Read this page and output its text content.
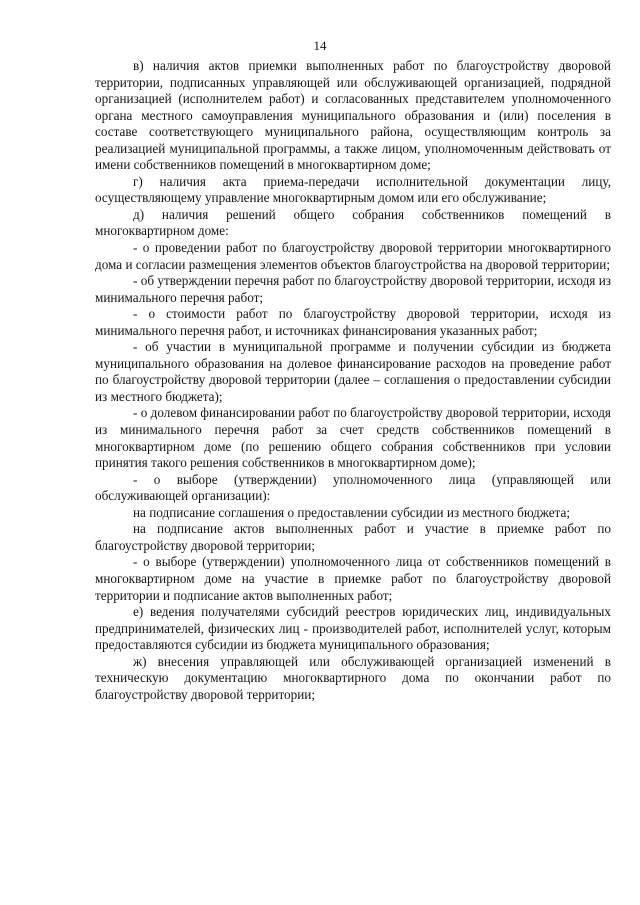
14

в) наличия актов приемки выполненных работ по благоустройству дворовой территории, подписанных управляющей или обслуживающей организацией, подрядной организацией (исполнителем работ) и согласованных представителем уполномоченного органа местного самоуправления муниципального образования и (или) поселения в составе соответствующего муниципального района, осуществляющим контроль за реализацией муниципальной программы, а также лицом, уполномоченным действовать от имени собственников помещений в многоквартирном доме;

г) наличия акта приема-передачи исполнительной документации лицу, осуществляющему управление многоквартирным домом или его обслуживание;

д) наличия решений общего собрания собственников помещений в многоквартирном доме:

- о проведении работ по благоустройству дворовой территории многоквартирного дома и согласии размещения элементов объектов благоустройства на дворовой территории;

- об утверждении перечня работ по благоустройству дворовой территории, исходя из минимального перечня работ;

- о стоимости работ по благоустройству дворовой территории, исходя из минимального перечня работ, и источниках финансирования указанных работ;

- об участии в муниципальной программе и получении субсидии из бюджета муниципального образования на долевое финансирование расходов на проведение работ по благоустройству дворовой территории (далее – соглашения о предоставлении субсидии из местного бюджета);

- о долевом финансировании работ по благоустройству дворовой территории, исходя из минимального перечня работ за счет средств собственников помещений в многоквартирном доме (по решению общего собрания собственников при условии принятия такого решения собственников в многоквартирном доме);

- о выборе (утверждении) уполномоченного лица (управляющей или обслуживающей организации):

на подписание соглашения о предоставлении субсидии из местного бюджета;

на подписание актов выполненных работ и участие в приемке работ по благоустройству дворовой территории;

- о выборе (утверждении) уполномоченного лица от собственников помещений в многоквартирном доме на участие в приемке работ по благоустройству дворовой территории и подписание актов выполненных работ;

е) ведения получателями субсидий реестров юридических лиц, индивидуальных предпринимателей, физических лиц - производителей работ, исполнителей услуг, которым предоставляются субсидии из бюджета муниципального образования;

ж) внесения управляющей или обслуживающей организацией изменений в техническую документацию многоквартирного дома по окончании работ по благоустройству дворовой территории;
